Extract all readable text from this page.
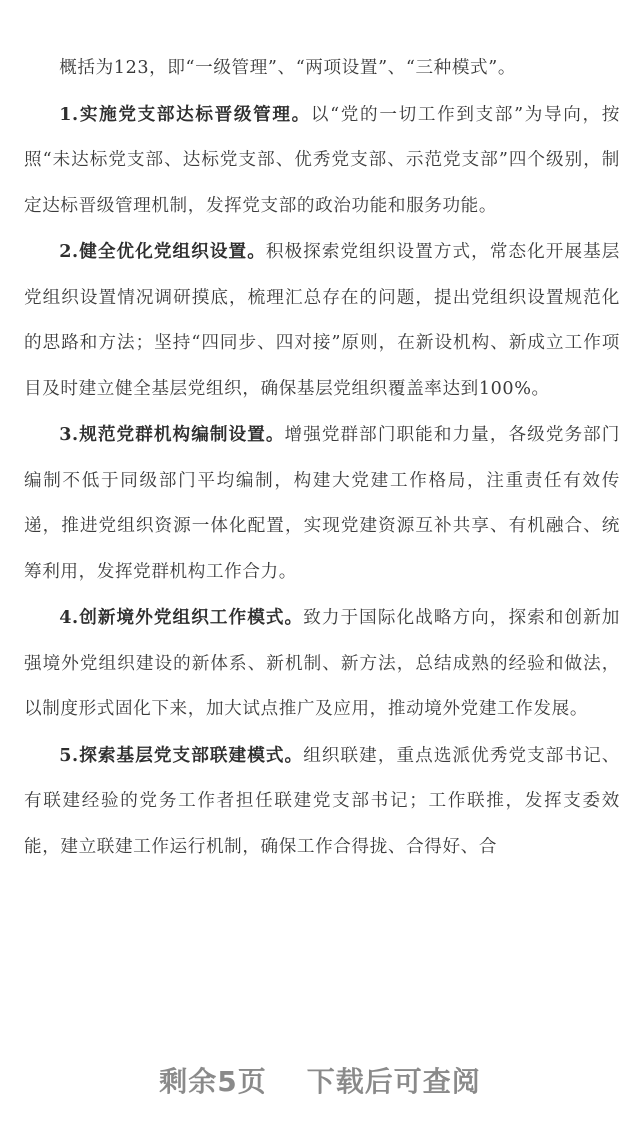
概括为123，即“一级管理”、“两项设置”、“三种模式”。

1.实施党支部达标晋级管理。以“党的一切工作到支部”为导向，按照“未达标党支部、达标党支部、优秀党支部、示范党支部”四个级别，制定达标晋级管理机制，发挥党支部的政治功能和服务功能。

2.健全优化党组织设置。积极探索党组织设置方式，常态化开展基层党组织设置情况调研摸底，梳理汇总存在的问题，提出党组织设置规范化的思路和方法；坚持“四同步、四对接”原则，在新设机构、新成立工作项目及时建立健全基层党组织，确保基层党组织覆盖率达到100%。

3.规范党群机构编制设置。增强党群部门职能和力量，各级党务部门编制不低于同级部门平均编制，构建大党建工作格局，注重责任有效传递，推进党组织资源一体化配置，实现党建资源互补共享、有机融合、统筹利用，发挥党群机构工作合力。

4.创新境外党组织工作模式。致力于国际化战略方向，探索和创新加强境外党组织建设的新体系、新机制、新方法，总结成熟的经验和做法，以制度形式固化下来，加大试点推广及应用，推动境外党建工作发展。

5.探索基层党支部联建模式。组织联建，重点选派优秀党支部书记、有联建经验的党务工作者担任联建党支部书记；工作联推，发挥支委效能，建立联建工作运行机制，确保工作合得拢、合得好、合

剩余5页 下载后可查阅
